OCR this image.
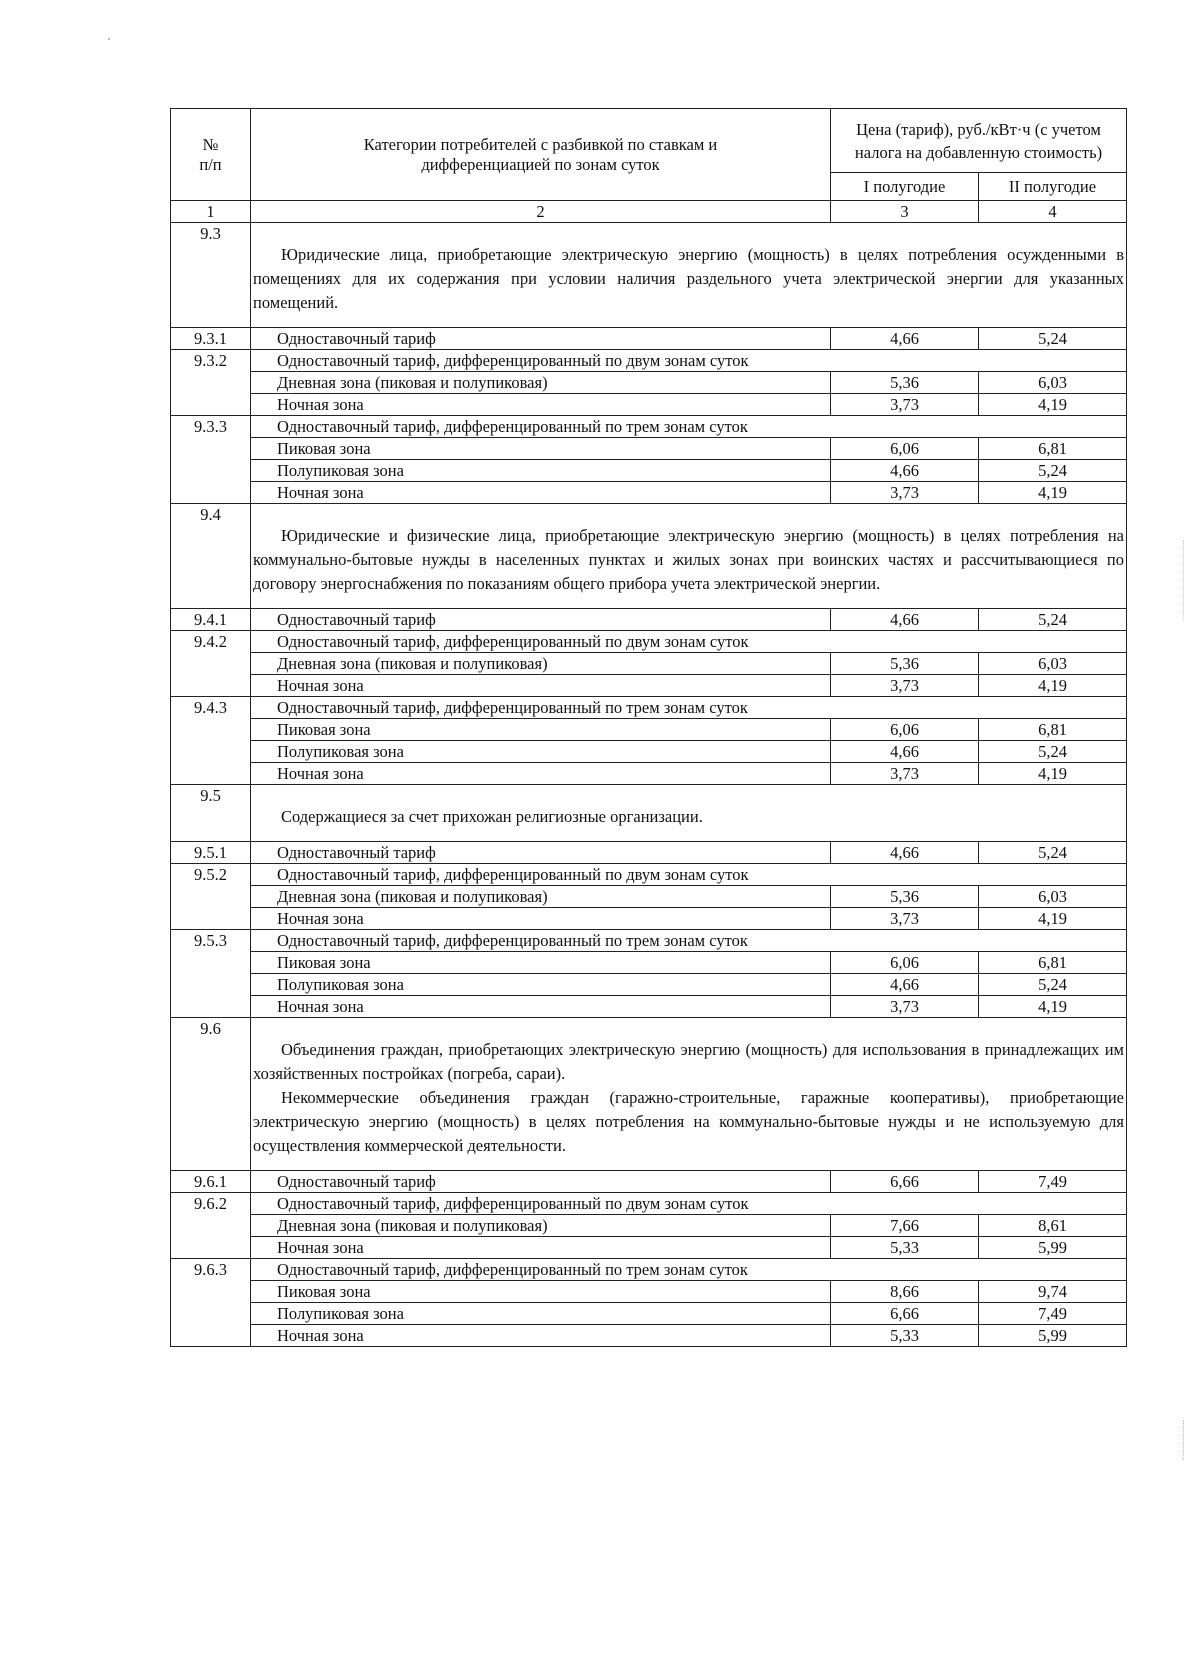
№
п/п	Категории потребителей с разбивкой по ставкам и дифференциацией по зонам суток	Цена (тариф), руб./кВт·ч (с учетом налога на добавленную стоимость)	
		I полугодие	II полугодие
1	2	3	4
9.3	Юридические лица, приобретающие электрическую энергию (мощность) в целях потребления осужденными в помещениях для их содержания при условии наличия раздельного учета электрической энергии для указанных помещений.		

9.3.1	Одноставочный тариф	4,66	5,24
9.3.2	Одноставочный тариф, дифференцированный по двум зонам суток		
	Дневная зона (пиковая и полупиковая)	5,36	6,03
	Ночная зона	3,73	4,19
9.3.3	Одноставочный тариф, дифференцированный по трем зонам суток		
	Пиковая зона	6,06	6,81
	Полупиковая зона	4,66	5,24
	Ночная зона	3,73	4,19
9.4	Юридические и физические лица, приобретающие электрическую энергию (мощность) в целях потребления на коммунально-бытовые нужды в населенных пунктах и жилых зонах при воинских частях и рассчитывающиеся по договору энергоснабжения по показаниям общего прибора учета электрической энергии.		

9.4.1	Одноставочный тариф	4,66	5,24
9.4.2	Одноставочный тариф, дифференцированный по двум зонам суток		
	Дневная зона (пиковая и полупиковая)	5,36	6,03
	Ночная зона	3,73	4,19
9.4.3	Одноставочный тариф, дифференцированный по трем зонам суток		
	Пиковая зона	6,06	6,81
	Полупиковая зона	4,66	5,24
	Ночная зона	3,73	4,19
9.5	Содержащиеся за счет прихожан религиозные организации.		

9.5.1	Одноставочный тариф	4,66	5,24
9.5.2	Одноставочный тариф, дифференцированный по двум зонам суток		
	Дневная зона (пиковая и полупиковая)	5,36	6,03
	Ночная зона	3,73	4,19
9.5.3	Одноставочный тариф, дифференцированный по трем зонам суток		
	Пиковая зона	6,06	6,81
	Полупиковая зона	4,66	5,24
	Ночная зона	3,73	4,19
9.6	Объединения граждан, приобретающих электрическую энергию (мощность) для использования в принадлежащих им хозяйственных постройках (погреба, сараи).

Некоммерческие объединения граждан (гаражно-строительные, гаражные кооперативы), приобретающие электрическую энергию (мощность) в целях потребления на коммунально-бытовые нужды и не используемую для осуществления коммерческой деятельности.		

9.6.1	Одноставочный тариф	6,66	7,49
9.6.2	Одноставочный тариф, дифференцированный по двум зонам суток		
	Дневная зона (пиковая и полупиковая)	7,66	8,61
	Ночная зона	5,33	5,99
9.6.3	Одноставочный тариф, дифференцированный по трем зонам суток		
	Пиковая зона	8,66	9,74
	Полупиковая зона	6,66	7,49
	Ночная зона	5,33	5,99
